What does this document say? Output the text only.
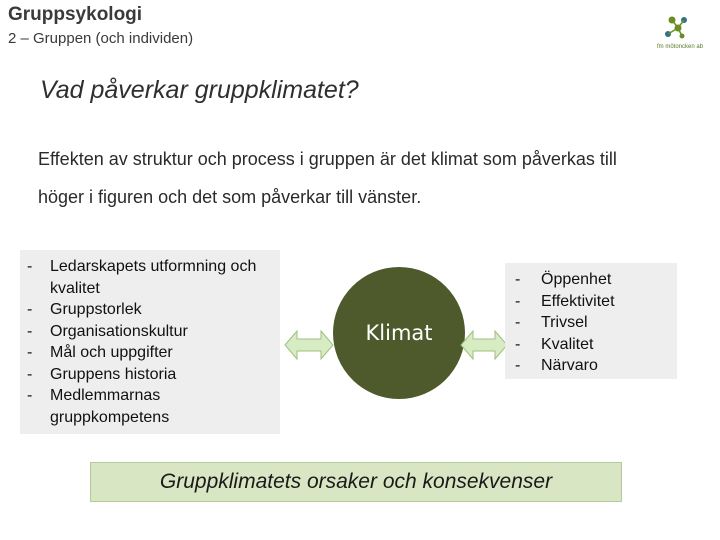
Gruppsykologi
2 – Gruppen (och individen)	fm mötoncken ab
Vad påverkar gruppklimatet?
Effekten av struktur och process i gruppen är det klimat som påverkas till
höger i figuren och det som påverkar till vänster.
- Ledarskapets utformning och kvalitet
- Gruppstorlek
- Organisationskultur
- Mål och uppgifter
- Gruppens historia
- Medlemmarnas gruppkompetens
Klimat
- Öppenhet
- Effektivitet
- Trivsel
- Kvalitet
- Närvaro
Gruppklimatets orsaker och konsekvenser
